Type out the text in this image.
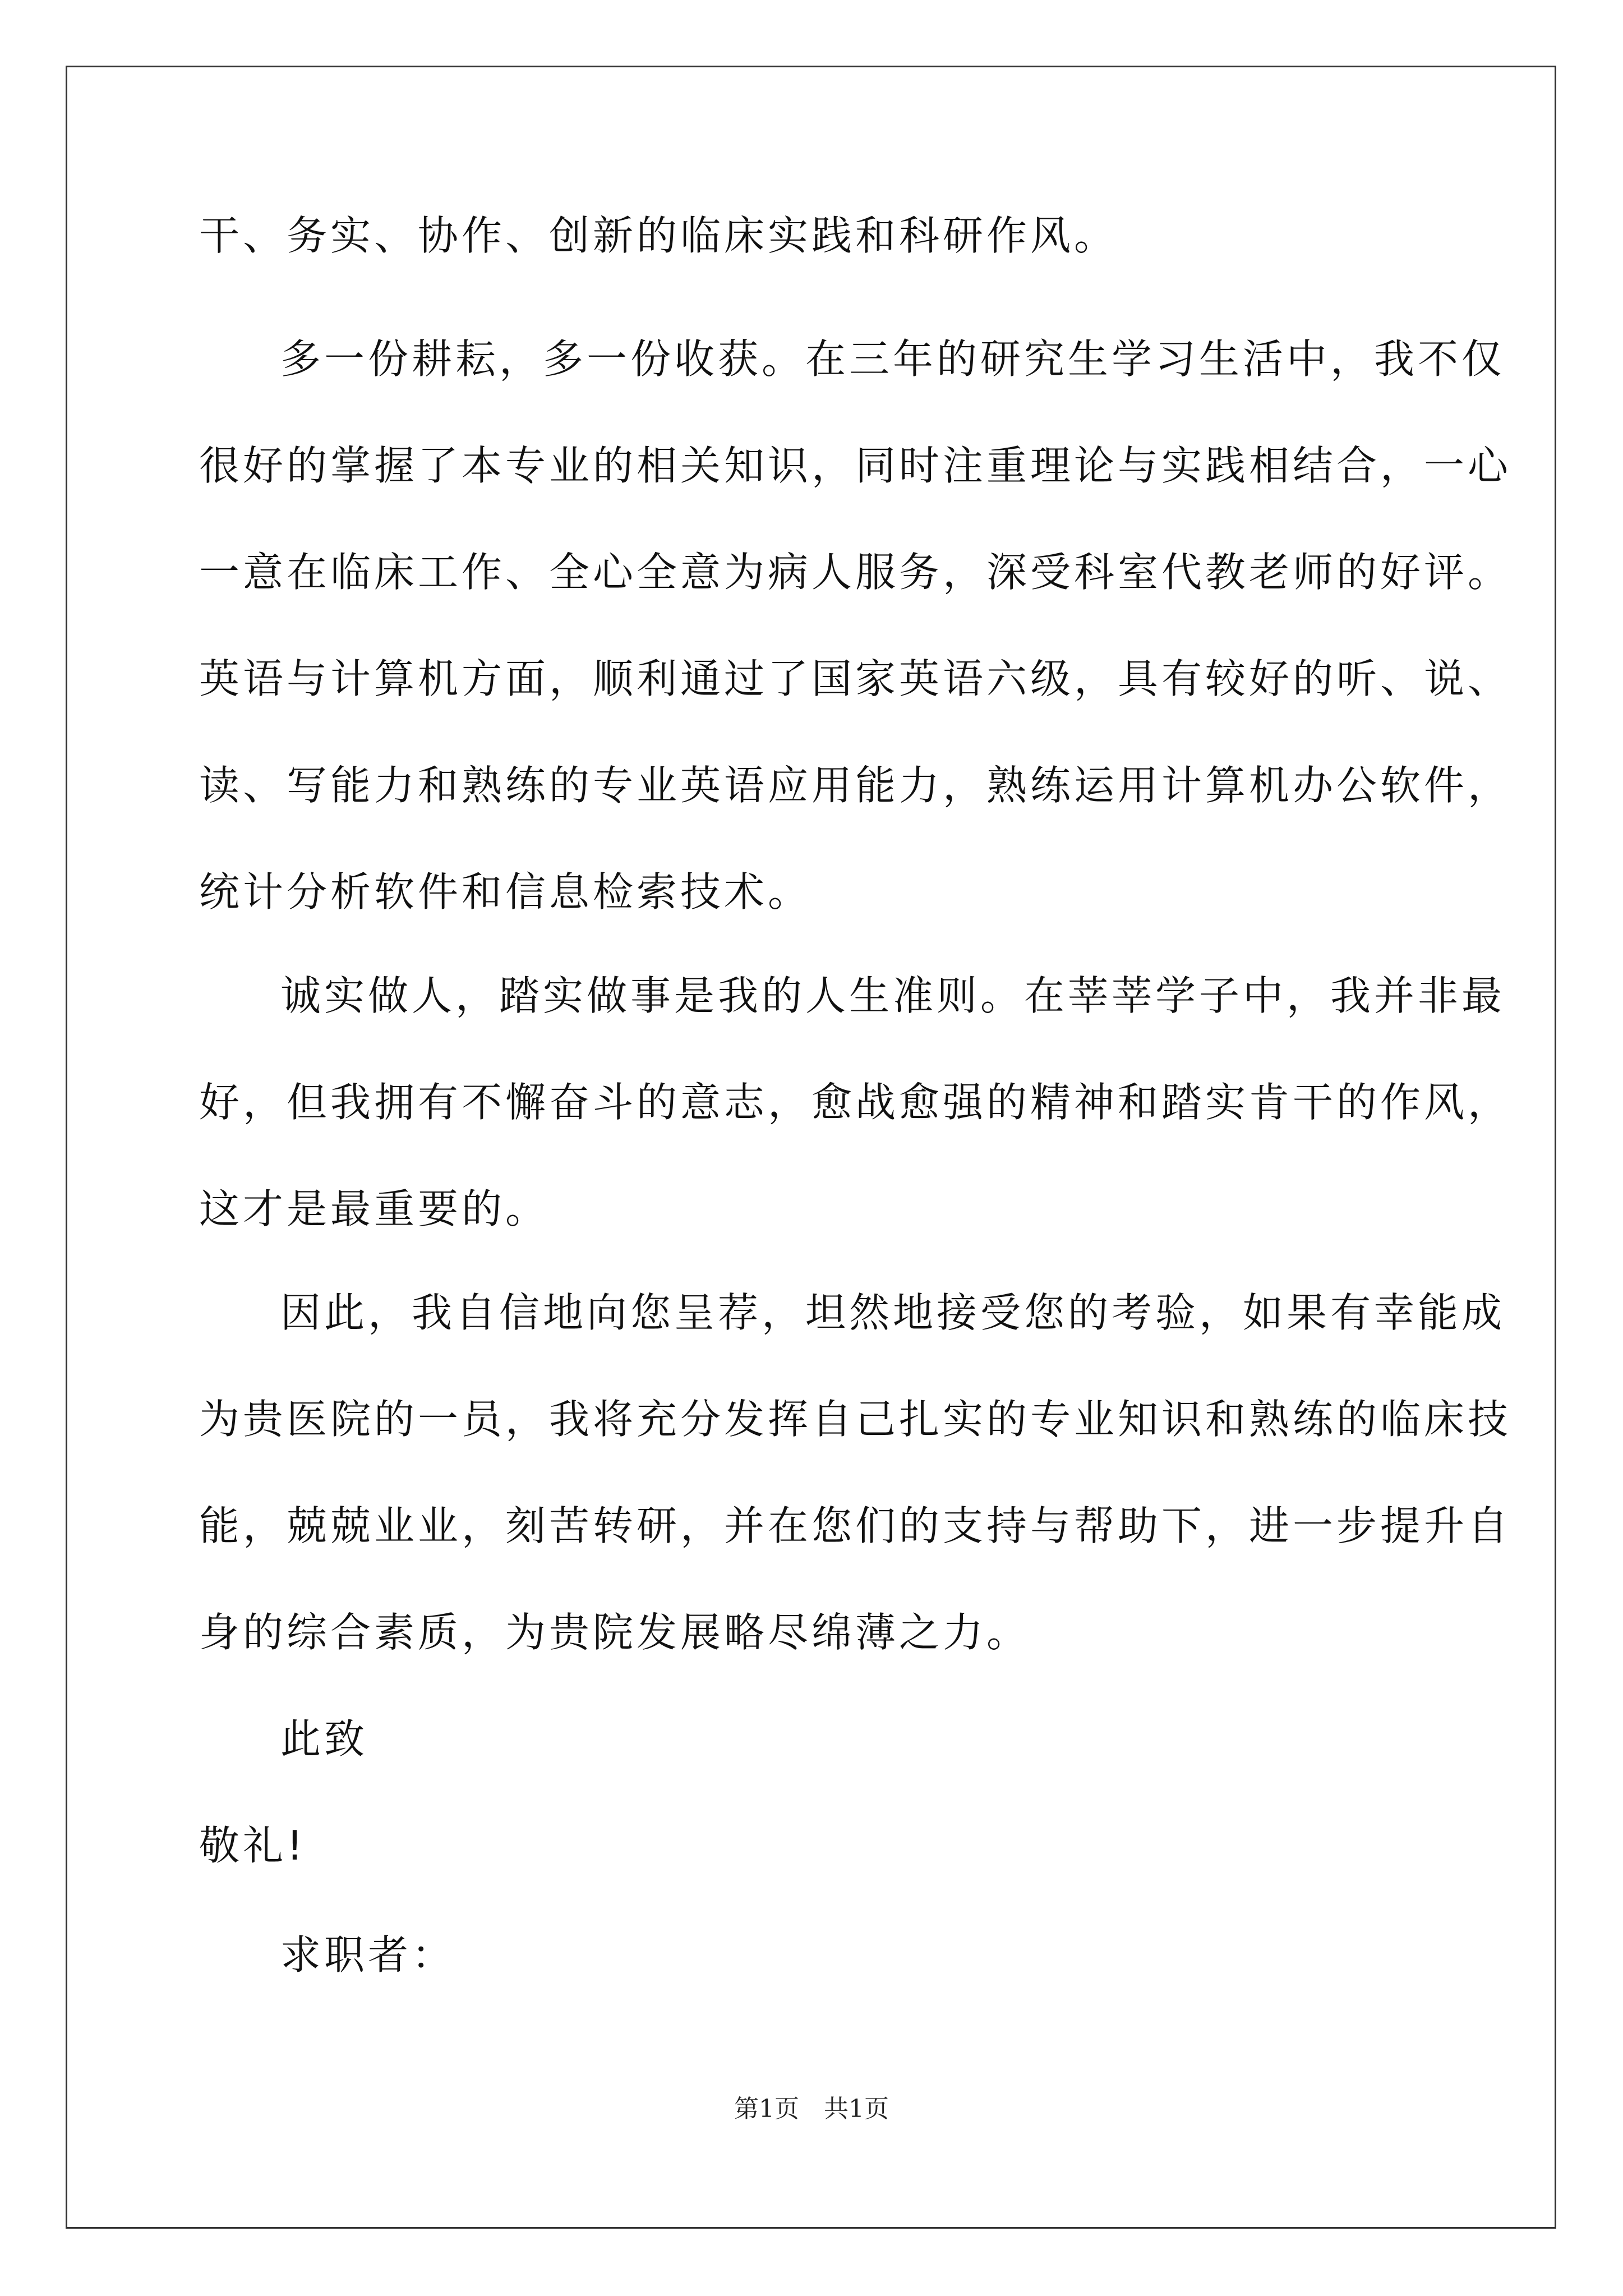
干、务实、协作、创新的临床实践和科研作风。
多一份耕耘，多一份收获。在三年的研究生学习生活中，我不仅
很好的掌握了本专业的相关知识，同时注重理论与实践相结合，一心
一意在临床工作、全心全意为病人服务，深受科室代教老师的好评。
英语与计算机方面，顺利通过了国家英语六级，具有较好的听、说、
读、写能力和熟练的专业英语应用能力，熟练运用计算机办公软件，
统计分析软件和信息检索技术。
诚实做人，踏实做事是我的人生准则。在莘莘学子中，我并非最
好，但我拥有不懈奋斗的意志，愈战愈强的精神和踏实肯干的作风，
这才是最重要的。
因此，我自信地向您呈荐，坦然地接受您的考验，如果有幸能成
为贵医院的一员，我将充分发挥自己扎实的专业知识和熟练的临床技
能，兢兢业业，刻苦转研，并在您们的支持与帮助下，进一步提升自
身的综合素质，为贵院发展略尽绵薄之力。
此致
敬礼!
求职者：
第1页　共1页
